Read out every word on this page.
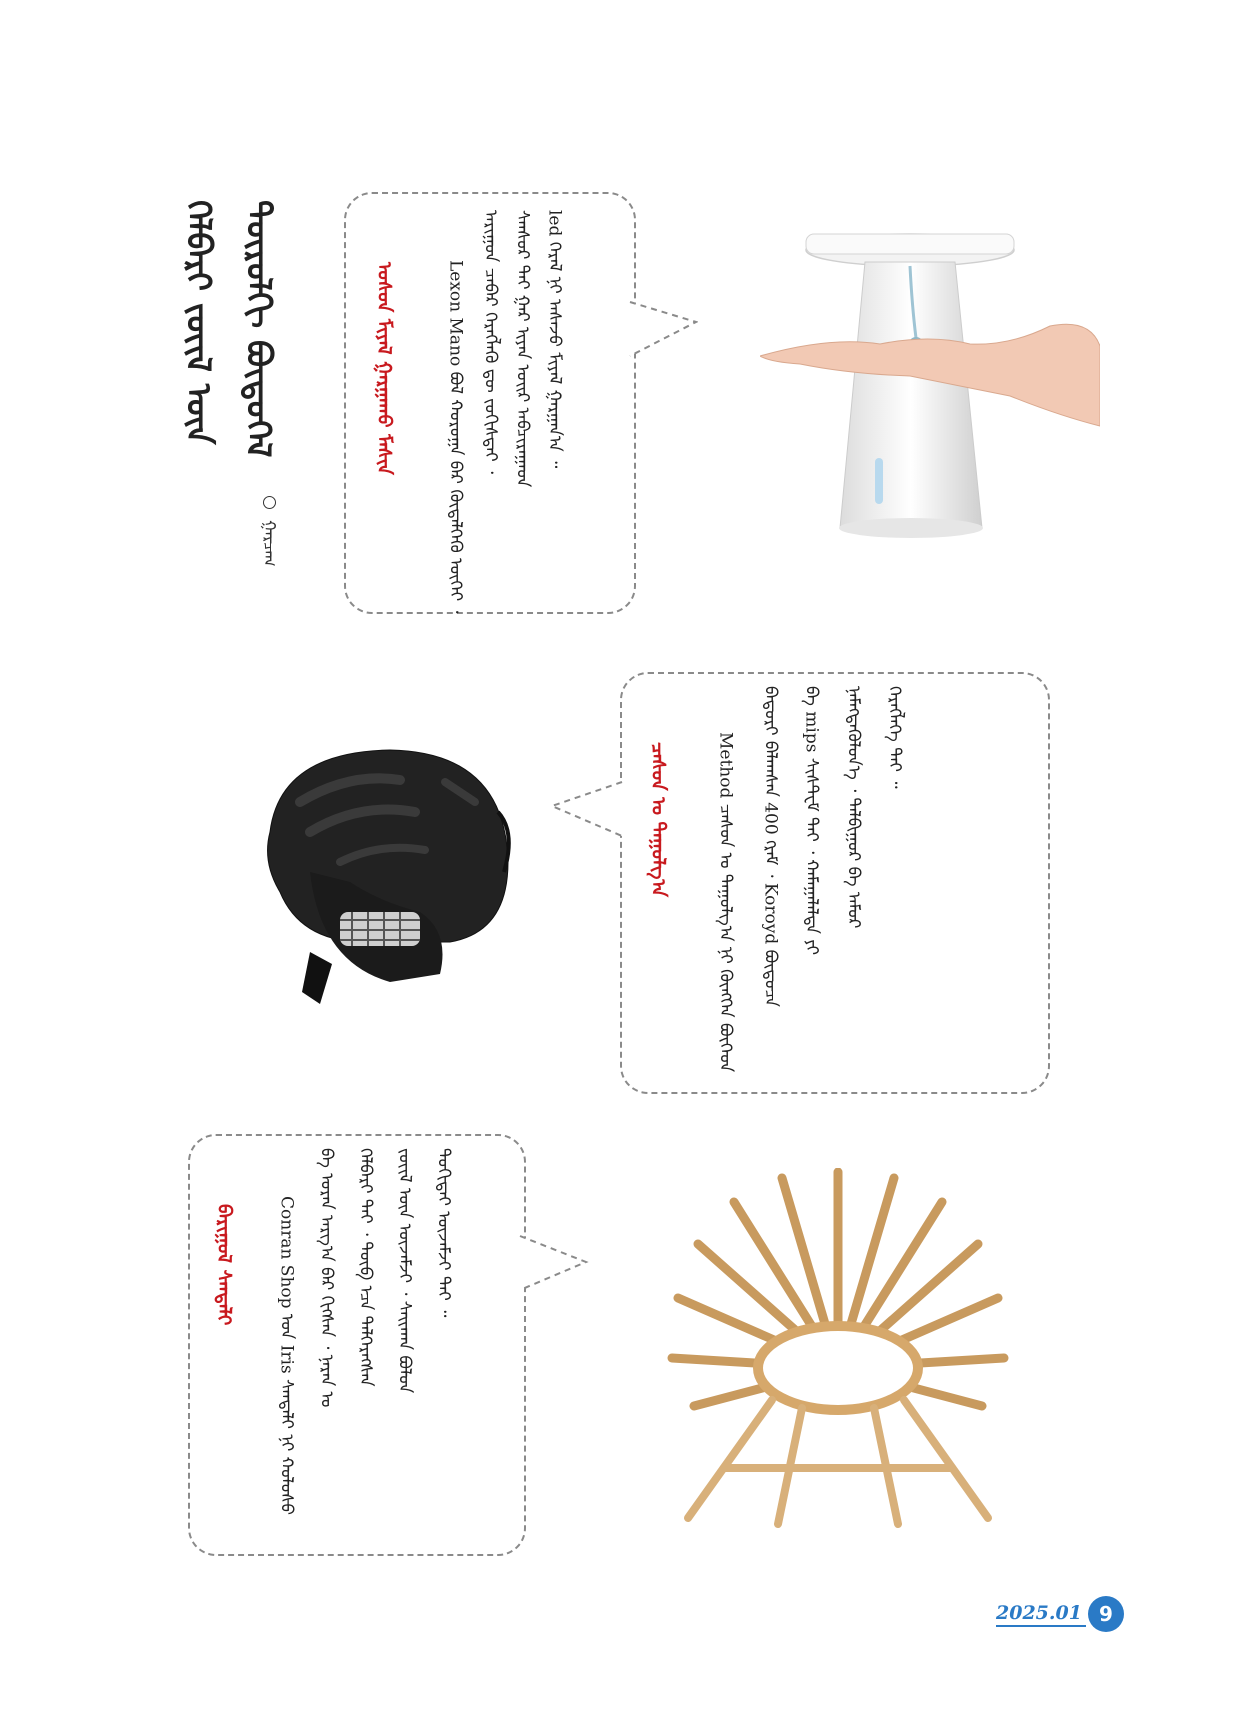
ᠬᠡᠯᠪᠡᠷᠢ ᠵᠦᠢᠯ ᠦᠨ ᠲᠥᠷᠥᠯᠬᠢ ᠪᠦᠲᠦᠭᠡᠯ
ᠭᠠᠷᠴᠠᠭ	Lexon Mano ᠪᠣᠯ ᠬᠣᠷᠣᠭᠠ ᠪᠠᠷ ᠬᠦᠳᠡᠯᠭᠡᠬᠦ ᠦᠭᠡᠢ ᠂ ᠠᠷᠢᠭᠤᠨ ᠴᠡᠪᠡᠷ ᠬᠡᠷᠡᠭᠯᠡᠬᠦ ᠳᠦ ᠵᠣᠬᠢᠰᠲᠠᠢ ᠂ ᠰᠡᠨᠰᠣᠷ ᠲᠠᠢ ᠭᠠᠷ ᠢᠶᠠᠨ ᠣᠢᠷ ᠠᠪᠴᠢᠷᠠᠭᠠᠳ led ᠭᠡᠷᠡᠯ ᠨᠢ ᠠᠰᠠᠵᠤ ᠮᠢᠶᠠᠯ ᠭᠠᠷᠭᠠᠨ᠎ᠠ ᠃
ᠤᠰᠤᠨ ᠮᠢᠶᠠᠯ ᠭᠠᠷᠭᠠᠬᠤ ᠮᠠᠰᠢᠨ
Method ᠴᠠᠰᠤᠨ ᠤ ᠳᠠᠭᠤᠯᠭ᠎ᠠ ᠨᠢ ᠬᠥᠩᠭᠡᠨ ᠪᠥᠭᠡᠳ ᠪᠠᠳᠤᠷᠢ ᠪᠠᠯᠠᠭᠰᠠᠨ 400 ᠭᠷᠠᠮ ᠂ Koroyd ᠪᠦᠲᠦᠴᠡ ᠪᠠ mips ᠰᠢᠰᠲᠸᠮ ᠲᠠᠢ ᠂ ᠬᠠᠮᠠᠭᠠᠯᠠᠯᠲᠠ ᠶᠢ ᠨᠡᠮᠡᠭᠳᠡᠭᠦᠯᠦᠨ᠎ᠡ ᠂ ᠲᠠᠯᠪᠢᠭᠤᠷ ᠪᠠ ᠠᠮᠤᠷ ᠬᠡᠷᠡᠭᠯᠡᠭᠡ ᠲᠠᠢ ᠃
ᠴᠠᠰᠤᠨ ᠤ ᠳᠠᠭᠤᠯᠭ᠎ᠠ
Conran Shop ᠤᠨ Iris ᠰᠠᠨᠳᠠᠯᠢ ᠨᠢ ᠬᠤᠯᠤᠰᠤ ᠪᠠ ᠤᠷᠠᠨ ᠠᠷᠭ᠎ᠠ ᠪᠠᠷ ᠬᠢᠭᠰᠡᠨ ᠂ ᠨᠠᠷᠠᠨ ᠤ ᠬᠡᠯᠪᠡᠷᠢ ᠲᠠᠢ ᠂ ᠲᠥᠪ ᠡᠴᠡ ᠳᠡᠯᠭᠡᠷᠡᠭᠰᠡᠨ ᠵᠦᠢᠯ ᠦᠨ ᠦᠵᠡᠮᠵᠢ ᠂ ᠰᠠᠢᠬᠠᠨ ᠪᠣᠯᠤᠨ ᠲᠣᠬᠢᠲᠠᠢ ᠦᠵᠡᠮᠵᠢ ᠲᠠᠢ ᠃
ᠪᠠᠷᠢᠭᠤᠯ ᠰᠠᠨᠳᠠᠯᠢ
2025.01 9
